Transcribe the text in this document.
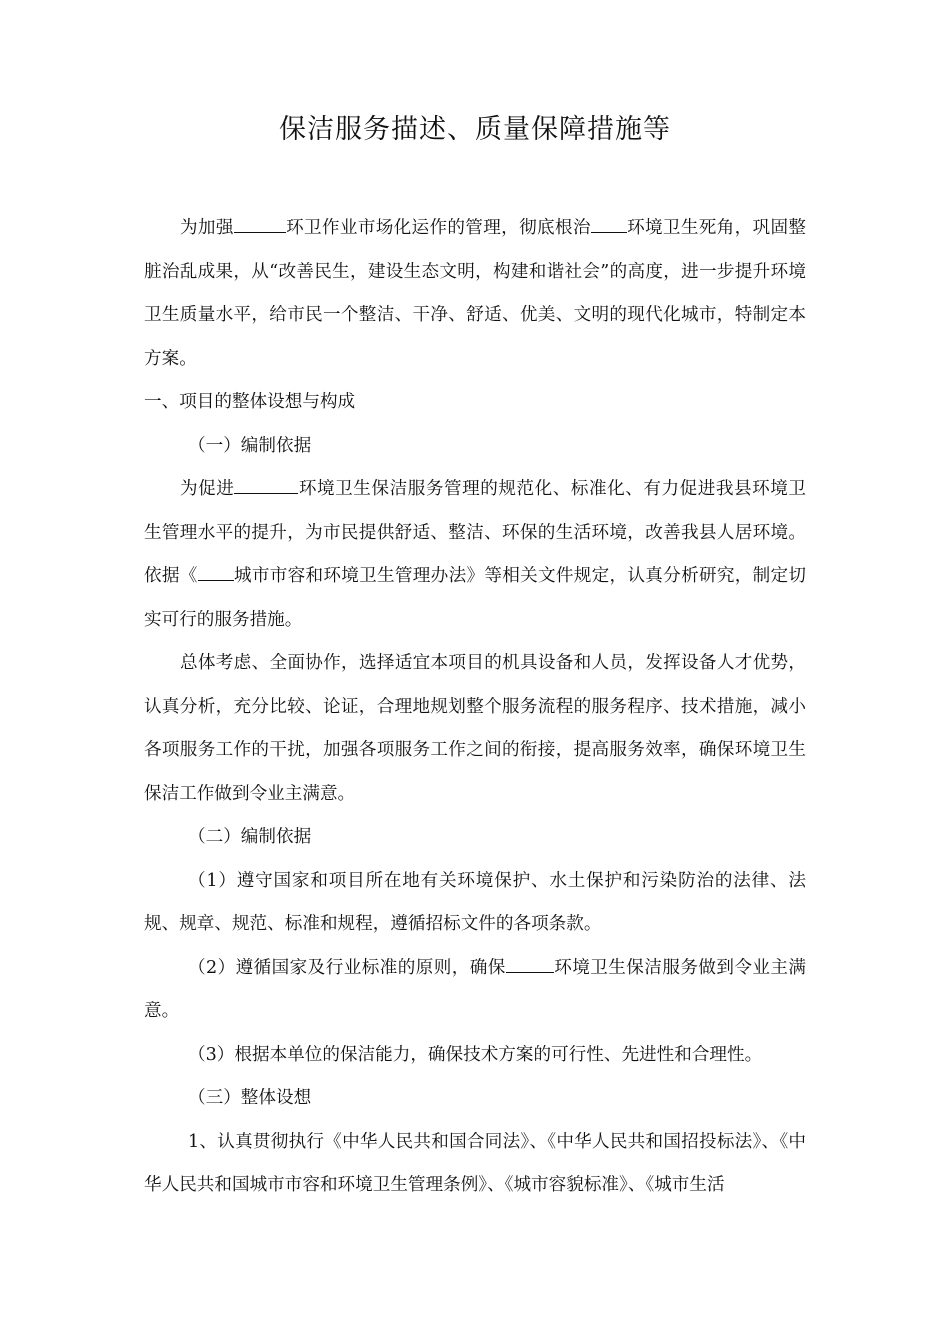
保洁服务描述、质量保障措施等

为加强	环卫作业市场化运作的管理，彻底根治 环境卫生死角，巩固整脏治乱成果，从“改善民生，建设生态文明，构建和谐社会”的高度，进一步提升环境卫生质量水平，给市民一个整洁、干净、舒适、优美、文明的现代化城市，特制定本方案。

一、项目的整体设想与构成

（一）编制依据

为促进	环境卫生保洁服务管理的规范化、标准化、有力促进我县环境卫生管理水平的提升，为市民提供舒适、整洁、环保的生活环境，改善我县人居环境。依据《 城市市容和环境卫生管理办法》等相关文件规定，认真分析研究，制定切实可行的服务措施。

总体考虑、全面协作，选择适宜本项目的机具设备和人员，发挥设备人才优势，认真分析，充分比较、论证，合理地规划整个服务流程的服务程序、技术措施，减小各项服务工作的干扰，加强各项服务工作之间的衔接，提高服务效率，确保环境卫生保洁工作做到令业主满意。

（二）编制依据

（1）遵守国家和项目所在地有关环境保护、水土保护和污染防治的法律、法规、规章、规范、标准和规程，遵循招标文件的各项条款。

（2）遵循国家及行业标准的原则，确保	环境卫生保洁服务做到令业主满意。

（3）根据本单位的保洁能力，确保技术方案的可行性、先进性和合理性。

（三）整体设想

1、认真贯彻执行《中华人民共和国合同法》、《中华人民共和国招投标法》、《中华人民共和国城市市容和环境卫生管理条例》、《城市容貌标准》、《城市生活
